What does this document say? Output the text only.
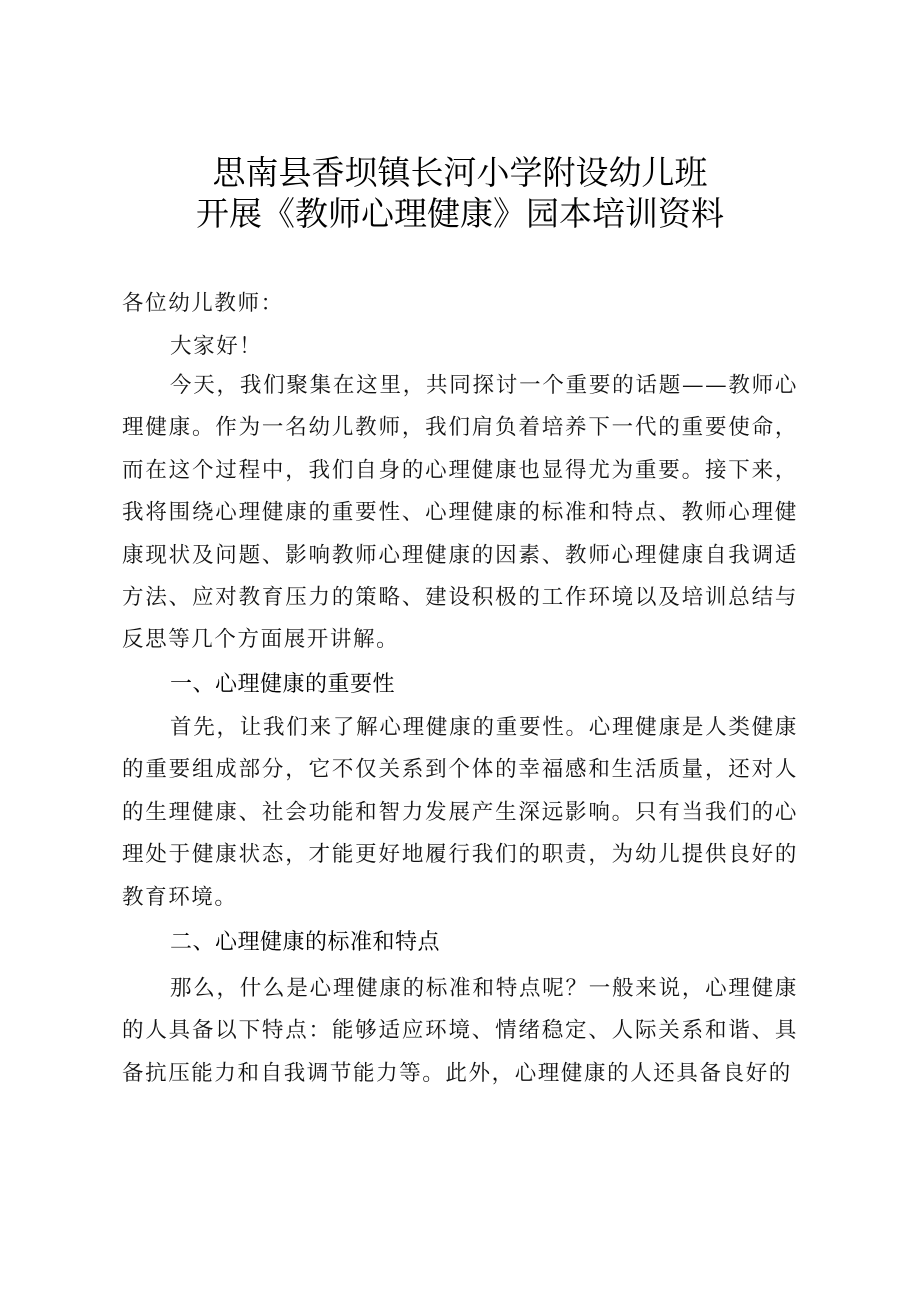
思南县香坝镇长河小学附设幼儿班
开展《教师心理健康》园本培训资料
各位幼儿教师：
大家好！
今天，我们聚集在这里，共同探讨一个重要的话题——教师心理健康。作为一名幼儿教师，我们肩负着培养下一代的重要使命，而在这个过程中，我们自身的心理健康也显得尤为重要。接下来，我将围绕心理健康的重要性、心理健康的标准和特点、教师心理健康现状及问题、影响教师心理健康的因素、教师心理健康自我调适方法、应对教育压力的策略、建设积极的工作环境以及培训总结与反思等几个方面展开讲解。
一、心理健康的重要性
首先，让我们来了解心理健康的重要性。心理健康是人类健康的重要组成部分，它不仅关系到个体的幸福感和生活质量，还对人的生理健康、社会功能和智力发展产生深远影响。只有当我们的心理处于健康状态，才能更好地履行我们的职责，为幼儿提供良好的教育环境。
二、心理健康的标准和特点
那么，什么是心理健康的标准和特点呢？一般来说，心理健康的人具备以下特点：能够适应环境、情绪稳定、人际关系和谐、具备抗压能力和自我调节能力等。此外，心理健康的人还具备良好的
